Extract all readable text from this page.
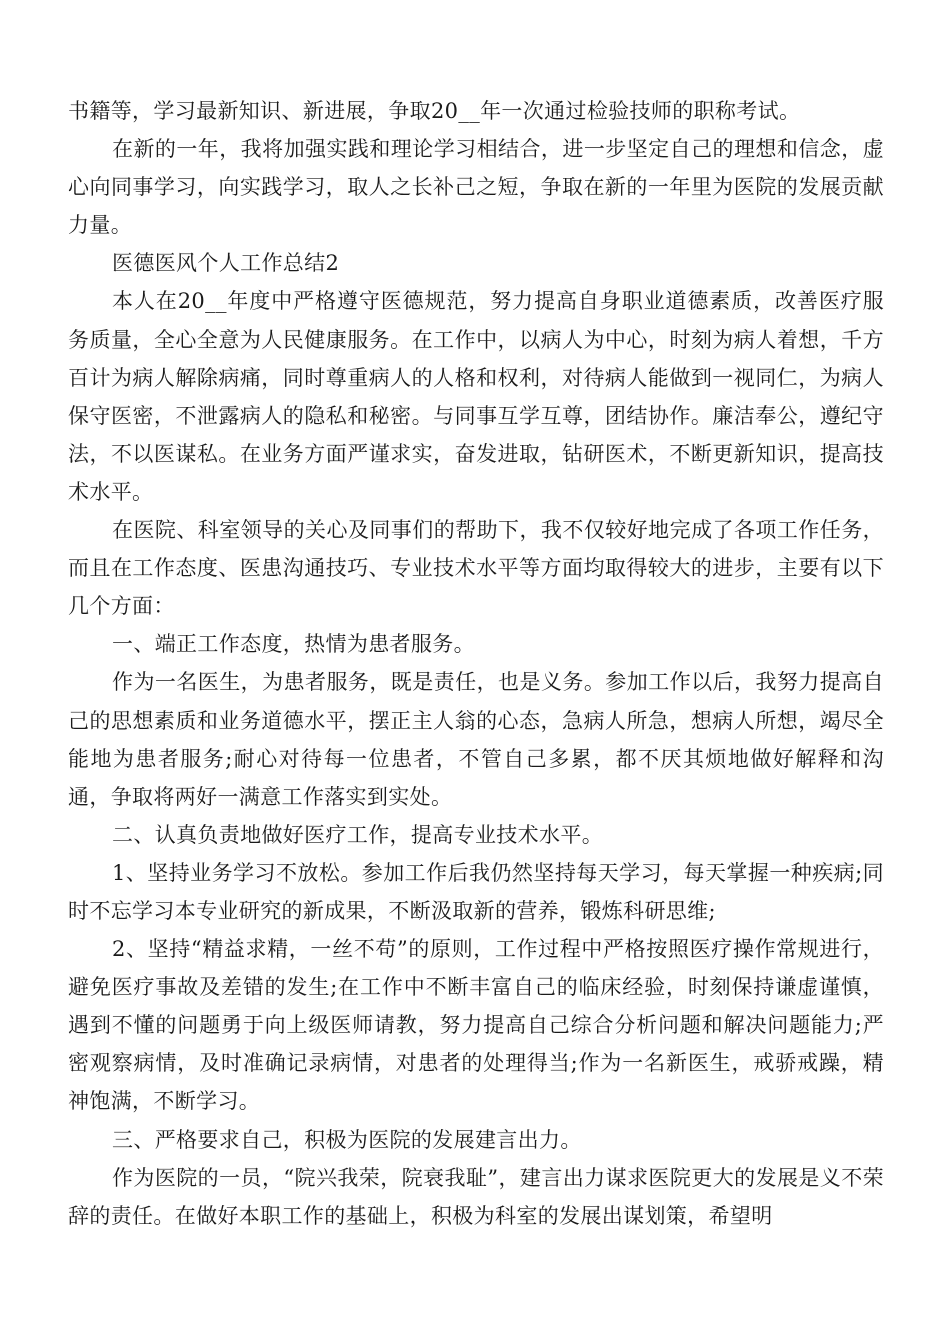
书籍等，学习最新知识、新进展，争取20__年一次通过检验技师的职称考试。

在新的一年，我将加强实践和理论学习相结合，进一步坚定自己的理想和信念，虚心向同事学习，向实践学习，取人之长补己之短，争取在新的一年里为医院的发展贡献力量。

医德医风个人工作总结2

本人在20__年度中严格遵守医德规范，努力提高自身职业道德素质，改善医疗服务质量，全心全意为人民健康服务。在工作中，以病人为中心，时刻为病人着想，千方百计为病人解除病痛，同时尊重病人的人格和权利，对待病人能做到一视同仁，为病人保守医密，不泄露病人的隐私和秘密。与同事互学互尊，团结协作。廉洁奉公，遵纪守法，不以医谋私。在业务方面严谨求实，奋发进取，钻研医术，不断更新知识，提高技术水平。

在医院、科室领导的关心及同事们的帮助下，我不仅较好地完成了各项工作任务，而且在工作态度、医患沟通技巧、专业技术水平等方面均取得较大的进步，主要有以下几个方面：

一、端正工作态度，热情为患者服务。

作为一名医生，为患者服务，既是责任，也是义务。参加工作以后，我努力提高自己的思想素质和业务道德水平，摆正主人翁的心态，急病人所急，想病人所想，竭尽全能地为患者服务;耐心对待每一位患者，不管自己多累，都不厌其烦地做好解释和沟通，争取将两好一满意工作落实到实处。

二、认真负责地做好医疗工作，提高专业技术水平。

1、坚持业务学习不放松。参加工作后我仍然坚持每天学习，每天掌握一种疾病;同时不忘学习本专业研究的新成果，不断汲取新的营养，锻炼科研思维;

2、坚持“精益求精，一丝不苟”的原则，工作过程中严格按照医疗操作常规进行，避免医疗事故及差错的发生;在工作中不断丰富自己的临床经验，时刻保持谦虚谨慎，遇到不懂的问题勇于向上级医师请教，努力提高自己综合分析问题和解决问题能力;严密观察病情，及时准确记录病情，对患者的处理得当;作为一名新医生，戒骄戒躁，精神饱满，不断学习。

三、严格要求自己，积极为医院的发展建言出力。

作为医院的一员，“院兴我荣，院衰我耻”，建言出力谋求医院更大的发展是义不荣辞的责任。在做好本职工作的基础上，积极为科室的发展出谋划策，希望明
